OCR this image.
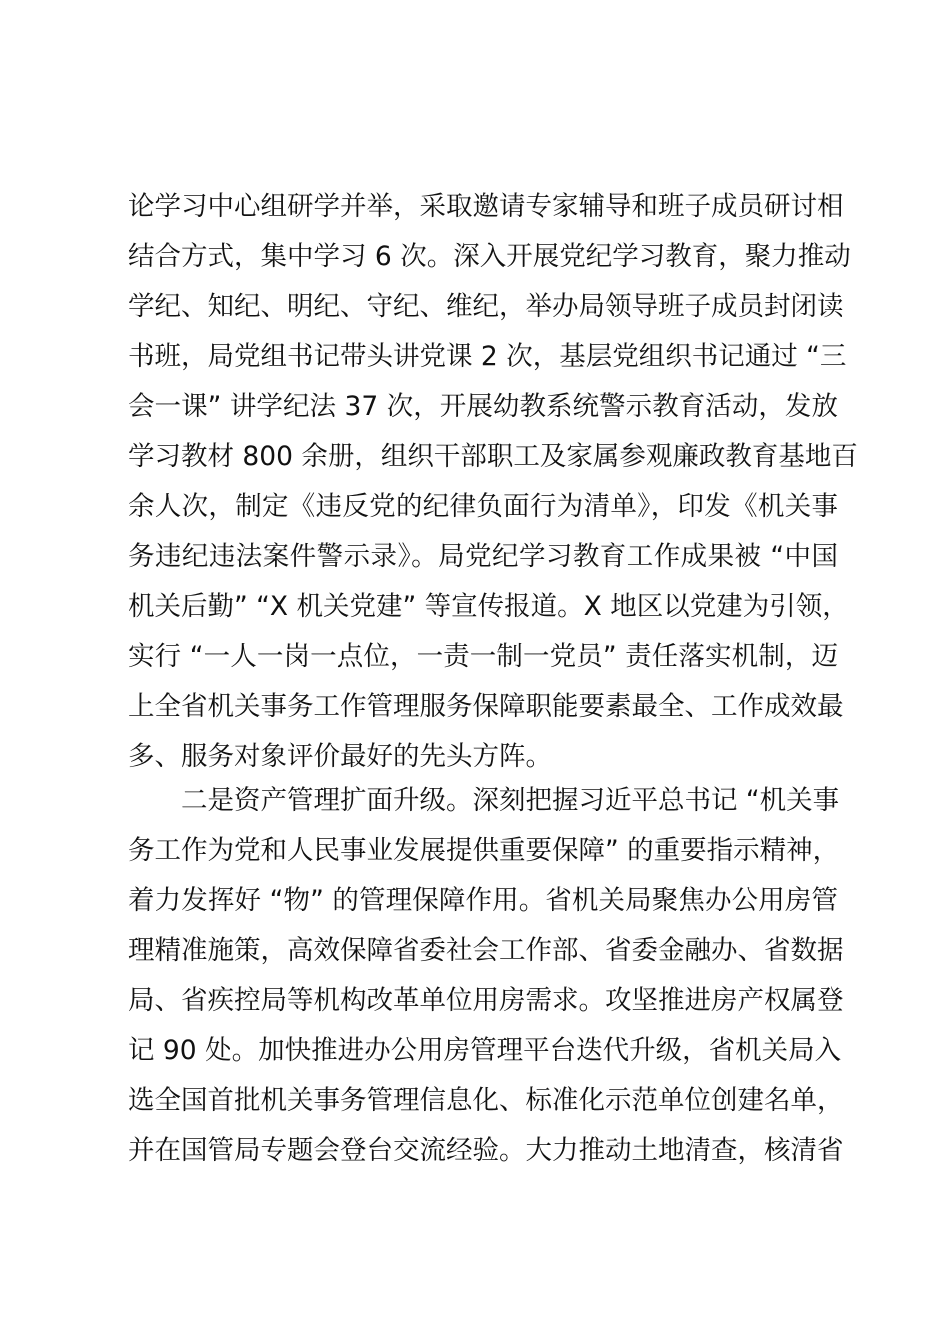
论学习中心组研学并举，采取邀请专家辅导和班子成员研讨相
结合方式，集中学习 6 次。深入开展党纪学习教育，聚力推动
学纪、知纪、明纪、守纪、维纪，举办局领导班子成员封闭读
书班，局党组书记带头讲党课 2 次，基层党组织书记通过 “三
会一课” 讲学纪法 37 次，开展幼教系统警示教育活动，发放
学习教材 800 余册，组织干部职工及家属参观廉政教育基地百
余人次，制定《违反党的纪律负面行为清单》，印发《机关事
务违纪违法案件警示录》。局党纪学习教育工作成果被 “中国
机关后勤” “X 机关党建” 等宣传报道。X 地区以党建为引领，
实行 “一人一岗一点位，一责一制一党员” 责任落实机制，迈
上全省机关事务工作管理服务保障职能要素最全、工作成效最
多、服务对象评价最好的先头方阵。
　　二是资产管理扩面升级。深刻把握习近平总书记 “机关事
务工作为党和人民事业发展提供重要保障” 的重要指示精神，
着力发挥好 “物” 的管理保障作用。省机关局聚焦办公用房管
理精准施策，高效保障省委社会工作部、省委金融办、省数据
局、省疾控局等机构改革单位用房需求。攻坚推进房产权属登
记 90 处。加快推进办公用房管理平台迭代升级，省机关局入
选全国首批机关事务管理信息化、标准化示范单位创建名单，
并在国管局专题会登台交流经验。大力推动土地清查，核清省
